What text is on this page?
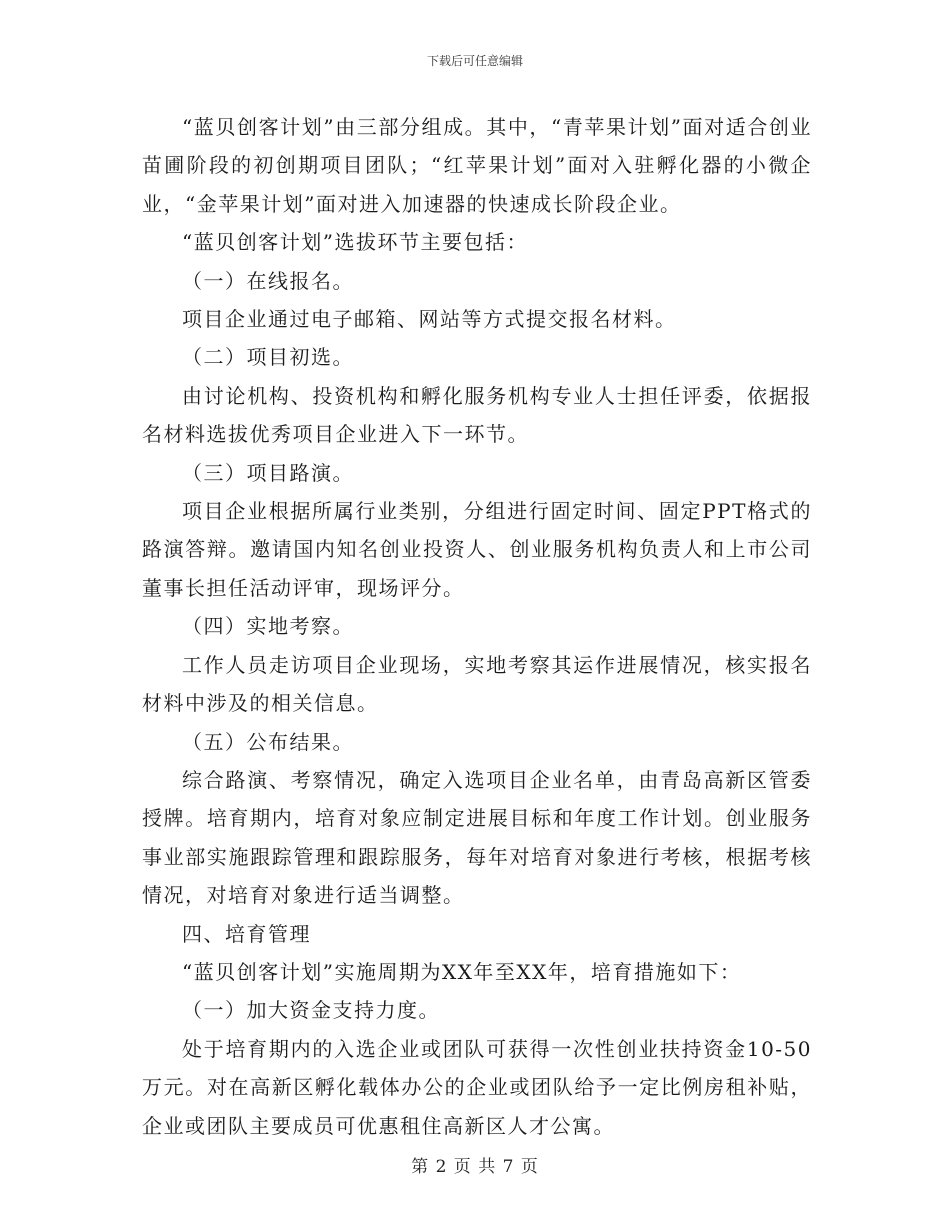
下载后可任意编辑

“蓝贝创客计划”由三部分组成。其中，“青苹果计划”面对适合创业苗圃阶段的初创期项目团队；“红苹果计划”面对入驻孵化器的小微企业，“金苹果计划”面对进入加速器的快速成长阶段企业。

“蓝贝创客计划”选拔环节主要包括：

（一）在线报名。

项目企业通过电子邮箱、网站等方式提交报名材料。

（二）项目初选。

由讨论机构、投资机构和孵化服务机构专业人士担任评委，依据报名材料选拔优秀项目企业进入下一环节。

（三）项目路演。

项目企业根据所属行业类别，分组进行固定时间、固定PPT格式的路演答辩。邀请国内知名创业投资人、创业服务机构负责人和上市公司董事长担任活动评审，现场评分。

（四）实地考察。

工作人员走访项目企业现场，实地考察其运作进展情况，核实报名材料中涉及的相关信息。

（五）公布结果。

综合路演、考察情况，确定入选项目企业名单，由青岛高新区管委授牌。培育期内，培育对象应制定进展目标和年度工作计划。创业服务事业部实施跟踪管理和跟踪服务，每年对培育对象进行考核，根据考核情况，对培育对象进行适当调整。

四、培育管理

“蓝贝创客计划”实施周期为XX年至XX年，培育措施如下：

（一）加大资金支持力度。

处于培育期内的入选企业或团队可获得一次性创业扶持资金10-50万元。对在高新区孵化载体办公的企业或团队给予一定比例房租补贴，企业或团队主要成员可优惠租住高新区人才公寓。

第 2 页 共 7 页
